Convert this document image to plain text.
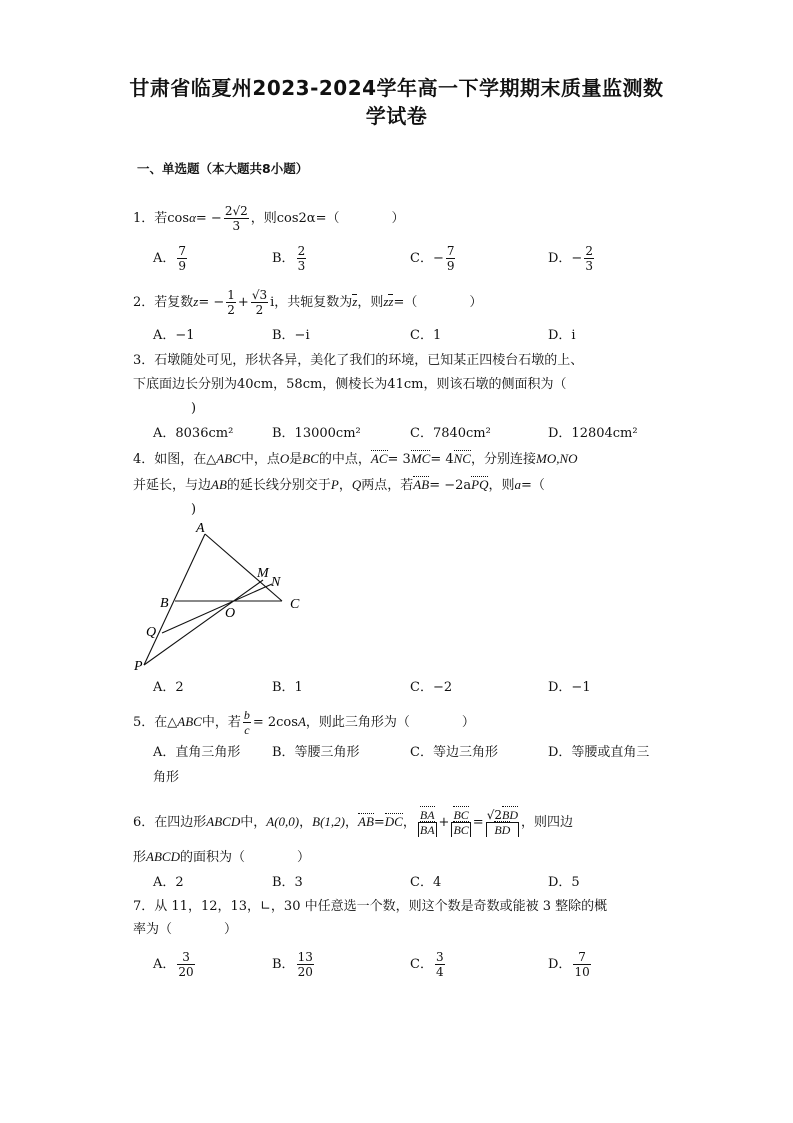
甘肃省临夏州2023-2024学年高一下学期期末质量监测数
学试卷
一、单选题（本大题共8小题）
1．若$\cos\alpha= - \frac{2√2}{3}$ ，则cos2α=（　　　　）
A． $\frac{7}{9}$	B． $\frac{2}{3}$	C．− $\frac{7}{9}$	D．− $\frac{2}{3}$
2．若复数$z= - \frac{1}{2} + \frac{√3}{2}$ i，共轭复数为z，则zz=（　　　　）
A．−1	B．−i	C．1	D．i
3．石墩随处可见，形状各异，美化了我们的环境，已知某正四棱台石墩的上、
下底面边长分别为40cm，58cm，侧棱长为41cm，则该石墩的侧面积为（
)
A．8036cm²	B．13000cm²	C．7840cm²	D．12804cm²
4．如图，在△ABC中，点O是BC的中点，AC= 3MC= 4NC，分别连接MO,NO
并延长，与边AB的延长线分别交于P，Q两点，若AB= −2aPQ，则a=（
)
A
B	C
M
N
O
Q
P
A．2	B．1	C．−2	D．−1
5．在△ABC中，若 $\frac{b}{c} = 2\cos A$，则此三角形为（　　　　）
A．直角三角形 B．等腰三角形	C．等边三角形	D．等腰或直角三
角形
6．在四边形ABCD中，A(0,0)，B(1,2)，AB=DC， $\frac{BA}{BA} + \frac{BC}{BC} = \frac{√2BD}{BD}$ ，则四边
形ABCD的面积为（　　　　）
A．2	B．3	C．4	D．5
7．从 11，12，13，∟，30 中任意选一个数，则这个数是奇数或能被 3 整除的概
率为（　　　　）
A． $\frac{3}{20}$	B． $\frac{13}{20}$	C． $\frac{3}{4}$	D． $\frac{7}{10}$
